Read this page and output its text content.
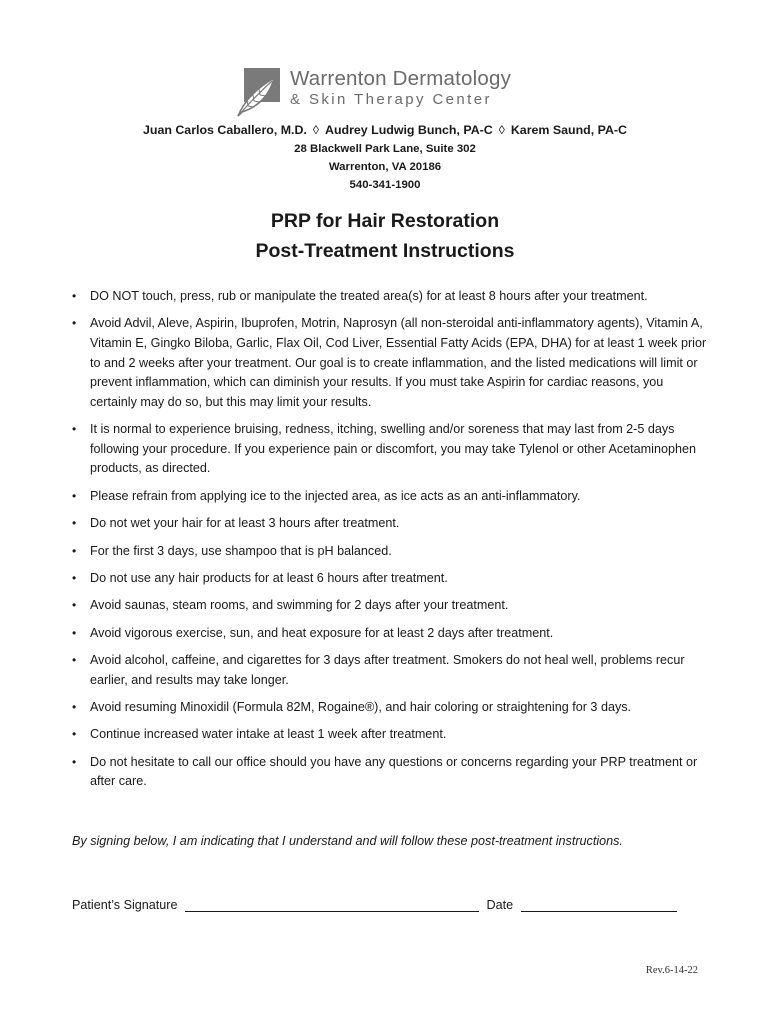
Warrenton Dermatology
& Skin Therapy Center
Juan Carlos Caballero, M.D. ◊ Audrey Ludwig Bunch, PA-C ◊ Karem Saund, PA-C
28 Blackwell Park Lane, Suite 302
Warrenton, VA 20186
540-341-1900
PRP for Hair Restoration
Post-Treatment Instructions
• DO NOT touch, press, rub or manipulate the treated area(s) for at least 8 hours after your treatment.
• Avoid Advil, Aleve, Aspirin, Ibuprofen, Motrin, Naprosyn (all non-steroidal anti-inflammatory agents), Vitamin A, Vitamin E, Gingko Biloba, Garlic, Flax Oil, Cod Liver, Essential Fatty Acids (EPA, DHA) for at least 1 week prior to and 2 weeks after your treatment. Our goal is to create inflammation, and the listed medications will limit or prevent inflammation, which can diminish your results. If you must take Aspirin for cardiac reasons, you certainly may do so, but this may limit your results.
• It is normal to experience bruising, redness, itching, swelling and/or soreness that may last from 2-5 days following your procedure. If you experience pain or discomfort, you may take Tylenol or other Acetaminophen products, as directed.
• Please refrain from applying ice to the injected area, as ice acts as an anti-inflammatory.
• Do not wet your hair for at least 3 hours after treatment.
• For the first 3 days, use shampoo that is pH balanced.
• Do not use any hair products for at least 6 hours after treatment.
• Avoid saunas, steam rooms, and swimming for 2 days after your treatment.
• Avoid vigorous exercise, sun, and heat exposure for at least 2 days after treatment.
• Avoid alcohol, caffeine, and cigarettes for 3 days after treatment. Smokers do not heal well, problems recur earlier, and results may take longer.
• Avoid resuming Minoxidil (Formula 82M, Rogaine®), and hair coloring or straightening for 3 days.
• Continue increased water intake at least 1 week after treatment.
• Do not hesitate to call our office should you have any questions or concerns regarding your PRP treatment or after care.
By signing below, I am indicating that I understand and will follow these post-treatment instructions.
Patient’s Signature	Date
Rev.6-14-22
